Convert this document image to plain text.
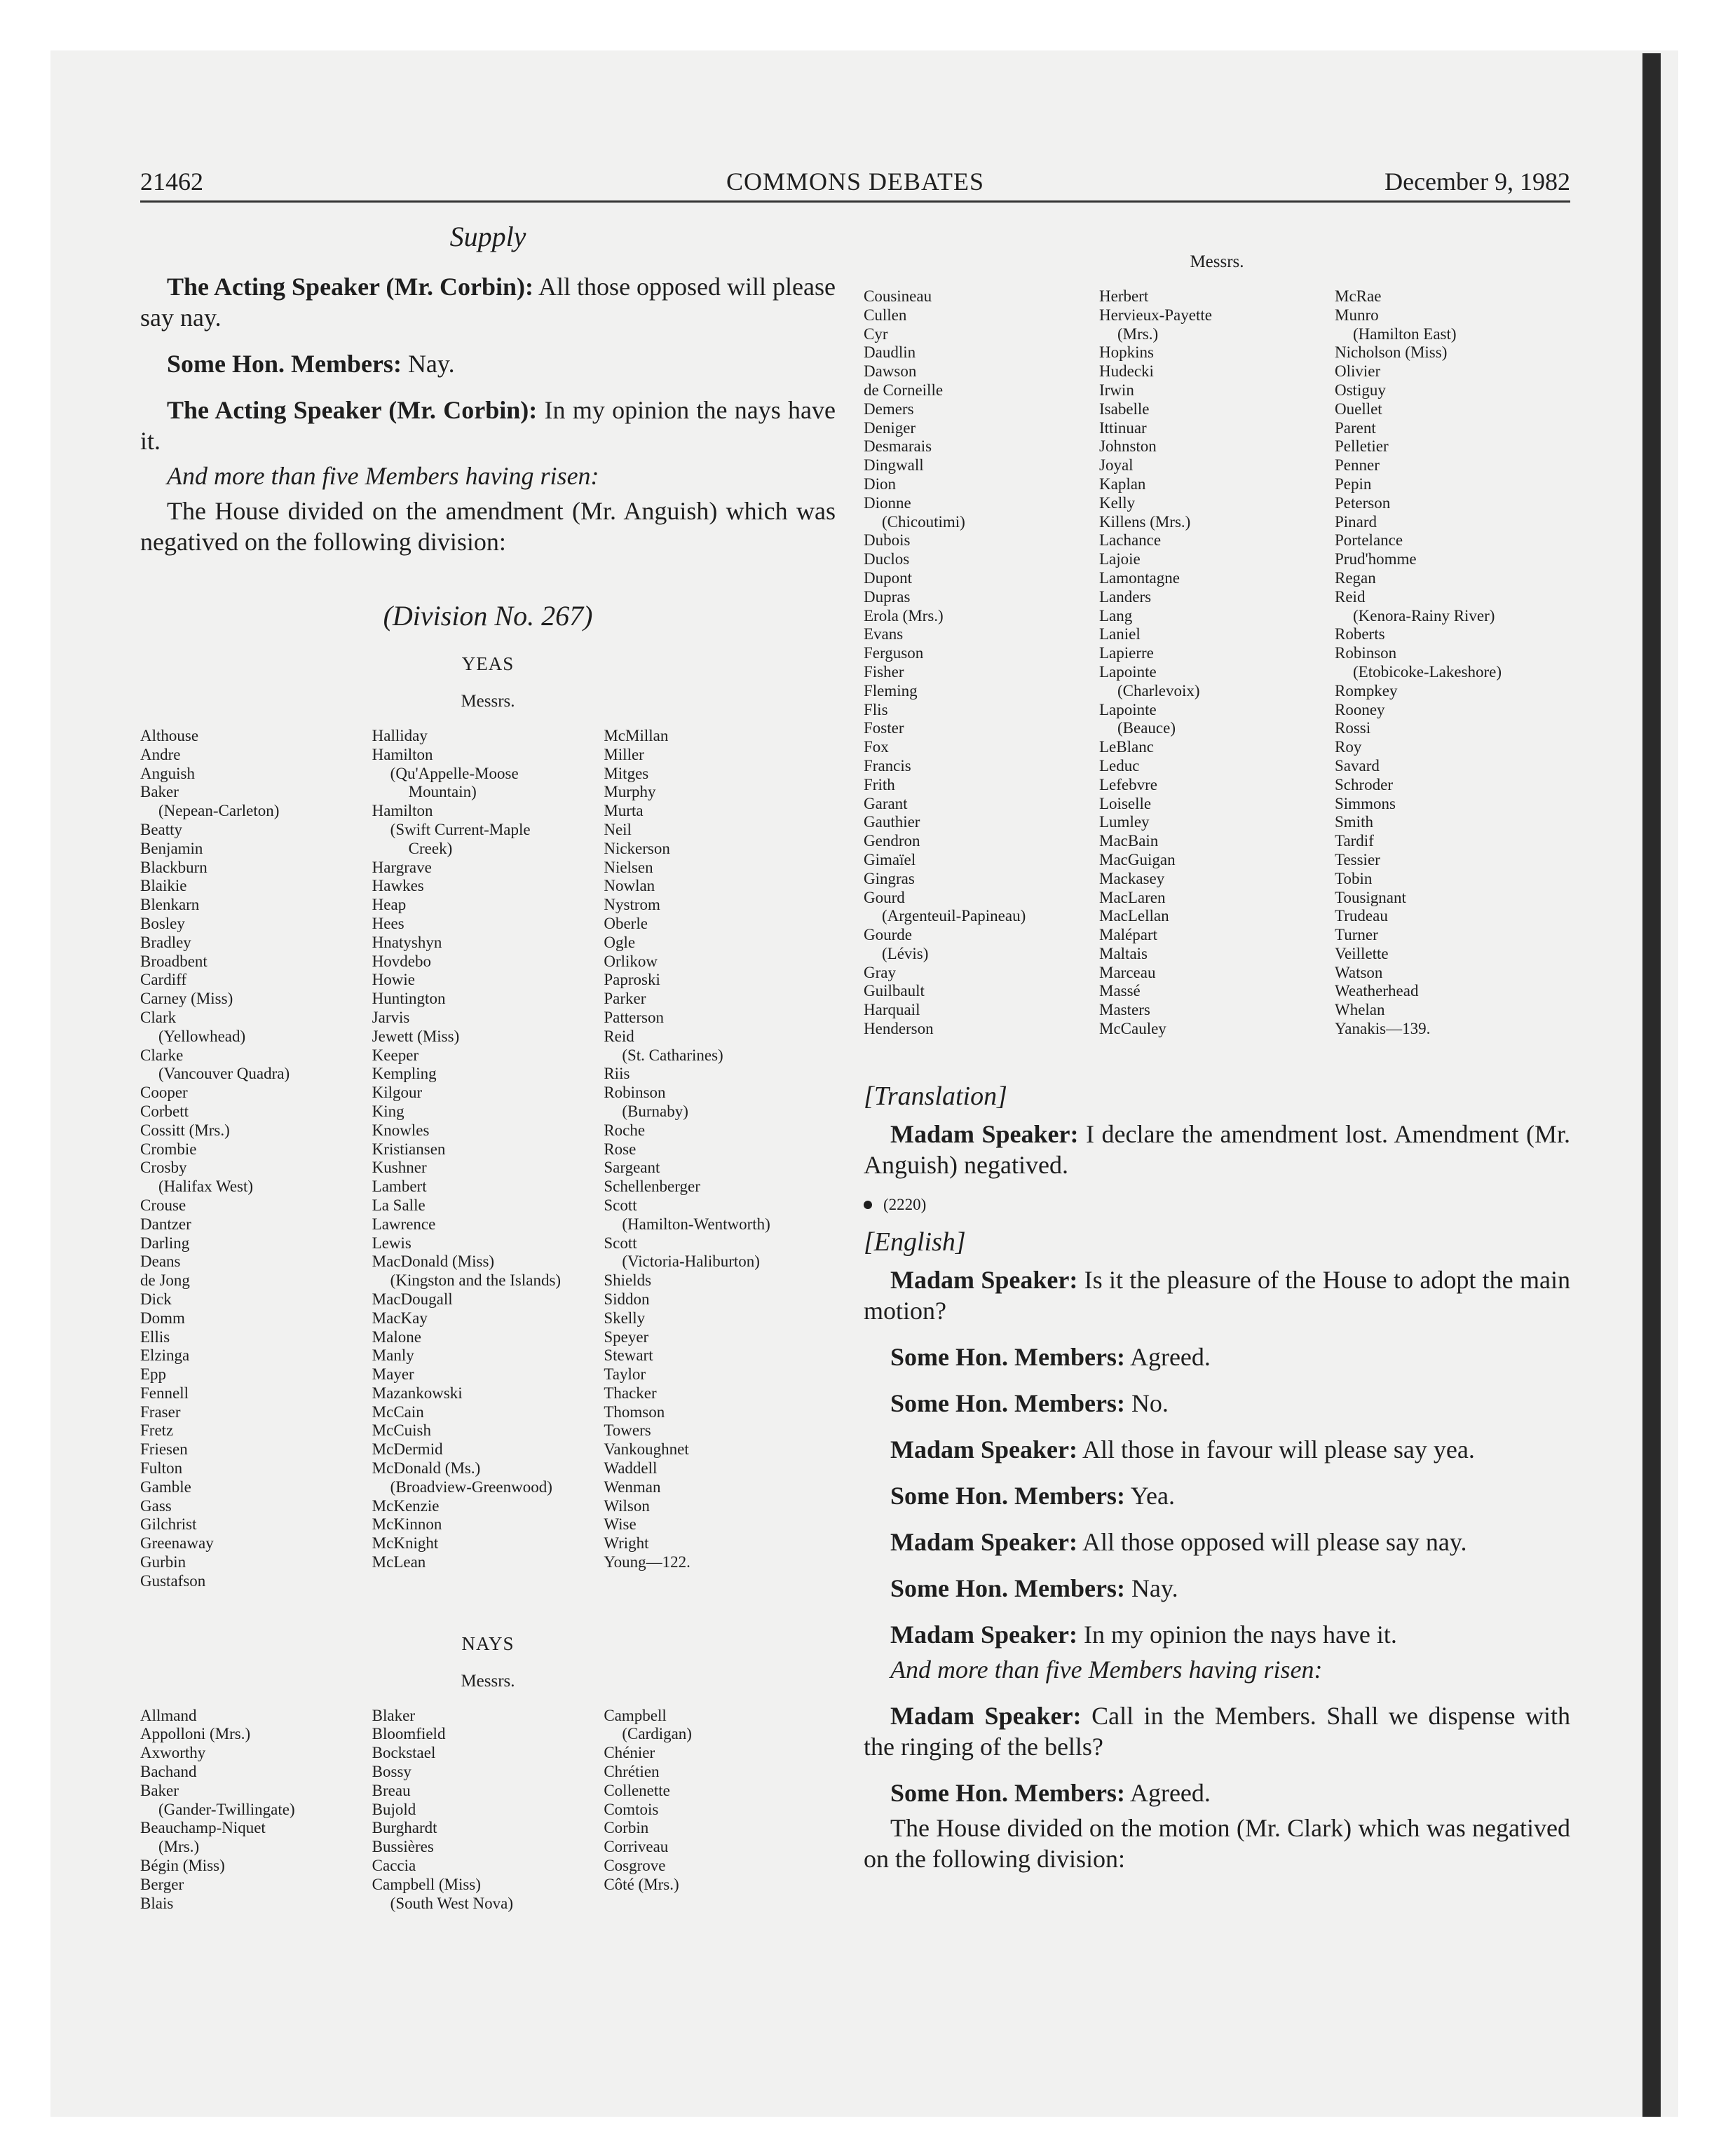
21462	COMMONS DEBATES	December 9, 1982
Supply

The Acting Speaker (Mr. Corbin): All those opposed will please say nay.

Some Hon. Members: Nay.

The Acting Speaker (Mr. Corbin): In my opinion the nays have it.

And more than five Members having risen:

The House divided on the amendment (Mr. Anguish) which was negatived on the following division:

(Division No. 267)
YEAS
Messrs.
Althouse
Andre
Anguish
Baker
(Nepean-Carleton)
Beatty
Benjamin
Blackburn
Blaikie
Blenkarn
Bosley
Bradley
Broadbent
Cardiff
Carney (Miss)
Clark
(Yellowhead)
Clarke
(Vancouver Quadra)
Cooper
Corbett
Cossitt (Mrs.)
Crombie
Crosby
(Halifax West)
Crouse
Dantzer
Darling
Deans
de Jong
Dick
Domm
Ellis
Elzinga
Epp
Fennell
Fraser
Fretz
Friesen
Fulton
Gamble
Gass
Gilchrist
Greenaway
Gurbin
Gustafson
Halliday
Hamilton
(Qu'Appelle-Moose
Mountain)
Hamilton
(Swift Current-Maple
Creek)
Hargrave
Hawkes
Heap
Hees
Hnatyshyn
Hovdebo
Howie
Huntington
Jarvis
Jewett (Miss)
Keeper
Kempling
Kilgour
King
Knowles
Kristiansen
Kushner
Lambert
La Salle
Lawrence
Lewis
MacDonald (Miss)
(Kingston and the Islands)
MacDougall
MacKay
Malone
Manly
Mayer
Mazankowski
McCain
McCuish
McDermid
McDonald (Ms.)
(Broadview-Greenwood)
McKenzie
McKinnon
McKnight
McLean
McMillan
Miller
Mitges
Murphy
Murta
Neil
Nickerson
Nielsen
Nowlan
Nystrom
Oberle
Ogle
Orlikow
Paproski
Parker
Patterson
Reid
(St. Catharines)
Riis
Robinson
(Burnaby)
Roche
Rose
Sargeant
Schellenberger
Scott
(Hamilton-Wentworth)
Scott
(Victoria-Haliburton)
Shields
Siddon
Skelly
Speyer
Stewart
Taylor
Thacker
Thomson
Towers
Vankoughnet
Waddell
Wenman
Wilson
Wise
Wright
Young—122.
NAYS
Messrs.
Allmand
Appolloni (Mrs.)
Axworthy
Bachand
Baker
(Gander-Twillingate)
Beauchamp-Niquet
(Mrs.)
Bégin (Miss)
Berger
Blais
Blaker
Bloomfield
Bockstael
Bossy
Breau
Bujold
Burghardt
Bussières
Caccia
Campbell (Miss)
(South West Nova)
Campbell
(Cardigan)
Chénier
Chrétien
Collenette
Comtois
Corbin
Corriveau
Cosgrove
Côté (Mrs.)
Messrs.
Cousineau
Cullen
Cyr
Daudlin
Dawson
de Corneille
Demers
Deniger
Desmarais
Dingwall
Dion
Dionne
(Chicoutimi)
Dubois
Duclos
Dupont
Dupras
Erola (Mrs.)
Evans
Ferguson
Fisher
Fleming
Flis
Foster
Fox
Francis
Frith
Garant
Gauthier
Gendron
Gimaïel
Gingras
Gourd
(Argenteuil-Papineau)
Gourde
(Lévis)
Gray
Guilbault
Harquail
Henderson
Herbert
Hervieux-Payette
(Mrs.)
Hopkins
Hudecki
Irwin
Isabelle
Ittinuar
Johnston
Joyal
Kaplan
Kelly
Killens (Mrs.)
Lachance
Lajoie
Lamontagne
Landers
Lang
Laniel
Lapierre
Lapointe
(Charlevoix)
Lapointe
(Beauce)
LeBlanc
Leduc
Lefebvre
Loiselle
Lumley
MacBain
MacGuigan
Mackasey
MacLaren
MacLellan
Malépart
Maltais
Marceau
Massé
Masters
McCauley
McRae
Munro
(Hamilton East)
Nicholson (Miss)
Olivier
Ostiguy
Ouellet
Parent
Pelletier
Penner
Pepin
Peterson
Pinard
Portelance
Prud'homme
Regan
Reid
(Kenora-Rainy River)
Roberts
Robinson
(Etobicoke-Lakeshore)
Rompkey
Rooney
Rossi
Roy
Savard
Schroder
Simmons
Smith
Tardif
Tessier
Tobin
Tousignant
Trudeau
Turner
Veillette
Watson
Weatherhead
Whelan
Yanakis—139.
[Translation]

Madam Speaker: I declare the amendment lost. Amendment (Mr. Anguish) negatived.

(2220)
[English]

Madam Speaker: Is it the pleasure of the House to adopt the main motion?

Some Hon. Members: Agreed.

Some Hon. Members: No.

Madam Speaker: All those in favour will please say yea.

Some Hon. Members: Yea.

Madam Speaker: All those opposed will please say nay.

Some Hon. Members: Nay.

Madam Speaker: In my opinion the nays have it.

And more than five Members having risen:

Madam Speaker: Call in the Members. Shall we dispense with the ringing of the bells?

Some Hon. Members: Agreed.

The House divided on the motion (Mr. Clark) which was negatived on the following division:
